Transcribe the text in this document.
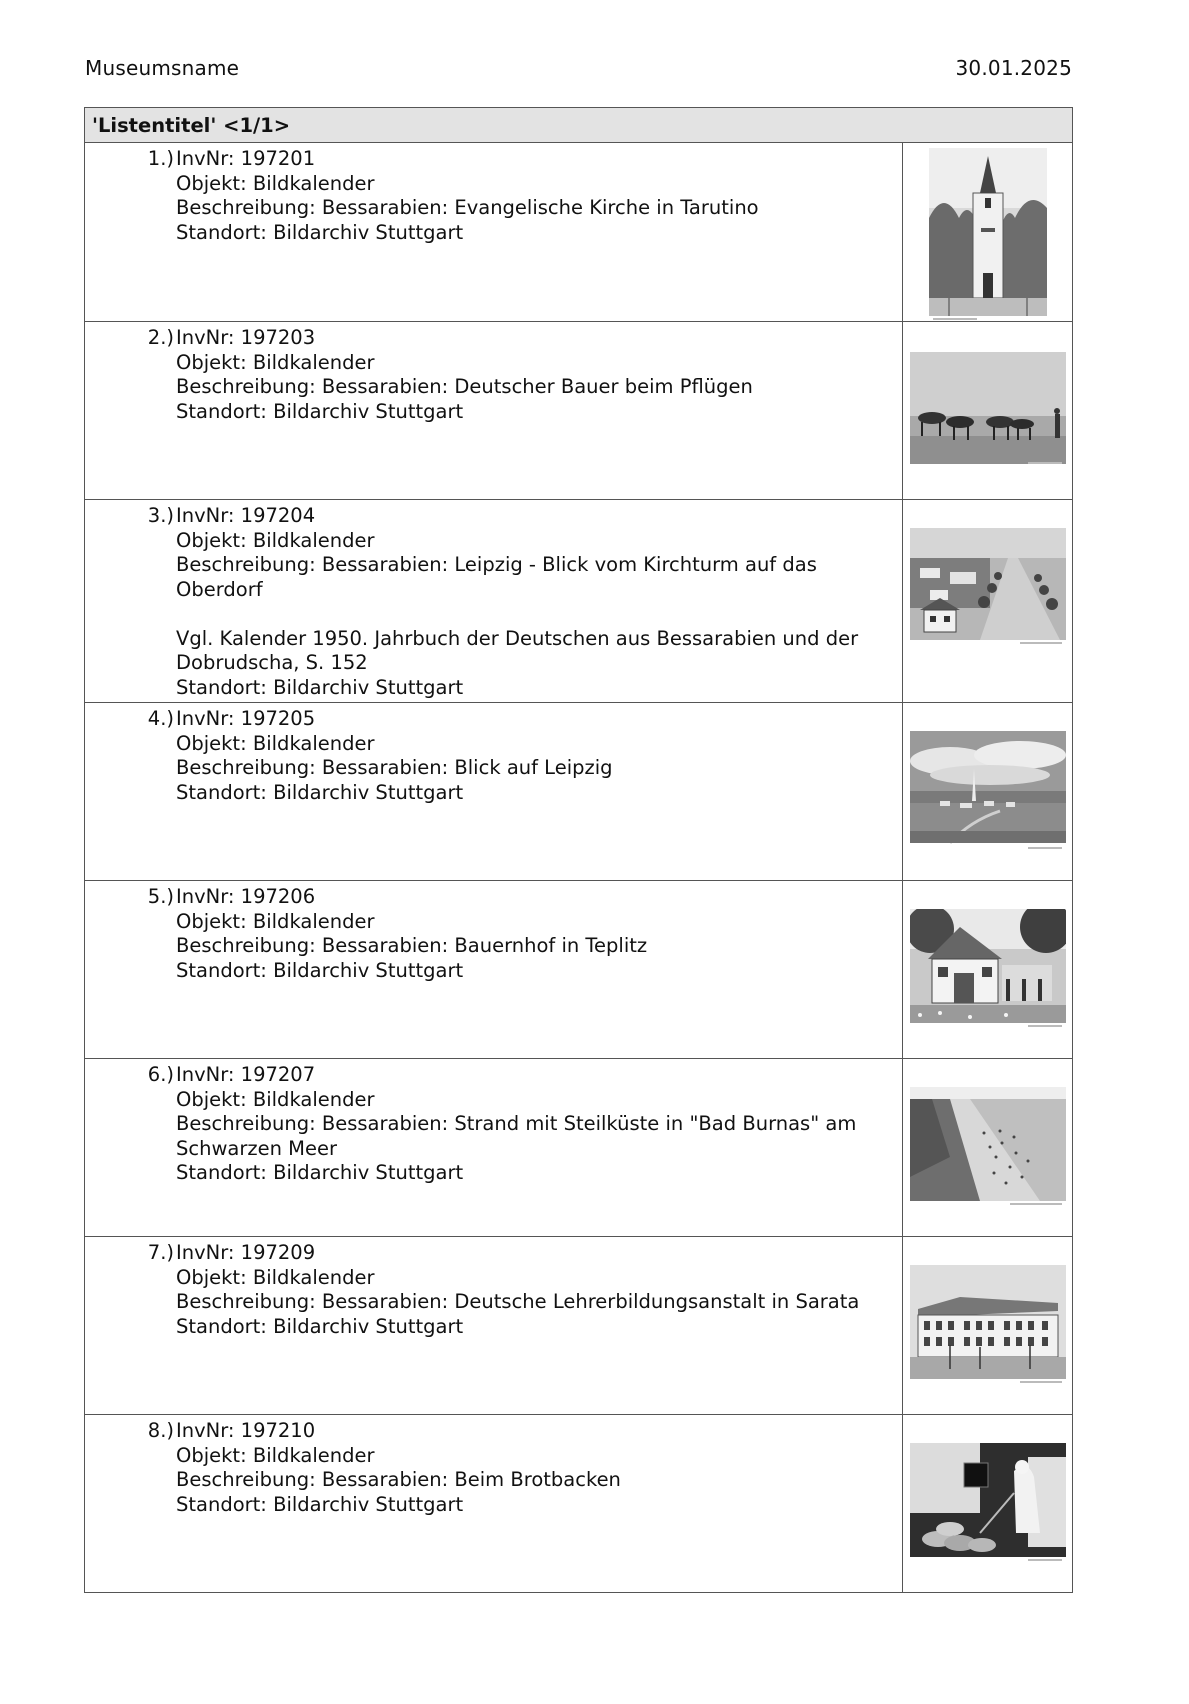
Museumsname	30.01.2025
'Listentitel' <1/1>
1.) InvNr: 197201
Objekt: Bildkalender
Beschreibung: Bessarabien: Evangelische Kirche in Tarutino
Standort: Bildarchiv Stuttgart
2.) InvNr: 197203
Objekt: Bildkalender
Beschreibung: Bessarabien: Deutscher Bauer beim Pflügen
Standort: Bildarchiv Stuttgart
3.) InvNr: 197204
Objekt: Bildkalender
Beschreibung: Bessarabien: Leipzig - Blick vom Kirchturm auf das
Oberdorf
Vgl. Kalender 1950. Jahrbuch der Deutschen aus Bessarabien und der
Dobrudscha, S. 152
Standort: Bildarchiv Stuttgart
4.) InvNr: 197205
Objekt: Bildkalender
Beschreibung: Bessarabien: Blick auf Leipzig
Standort: Bildarchiv Stuttgart
5.) InvNr: 197206
Objekt: Bildkalender
Beschreibung: Bessarabien: Bauernhof in Teplitz
Standort: Bildarchiv Stuttgart
6.) InvNr: 197207
Objekt: Bildkalender
Beschreibung: Bessarabien: Strand mit Steilküste in "Bad Burnas" am
Schwarzen Meer
Standort: Bildarchiv Stuttgart
7.) InvNr: 197209
Objekt: Bildkalender
Beschreibung: Bessarabien: Deutsche Lehrerbildungsanstalt in Sarata
Standort: Bildarchiv Stuttgart
8.) InvNr: 197210
Objekt: Bildkalender
Beschreibung: Bessarabien: Beim Brotbacken
Standort: Bildarchiv Stuttgart
